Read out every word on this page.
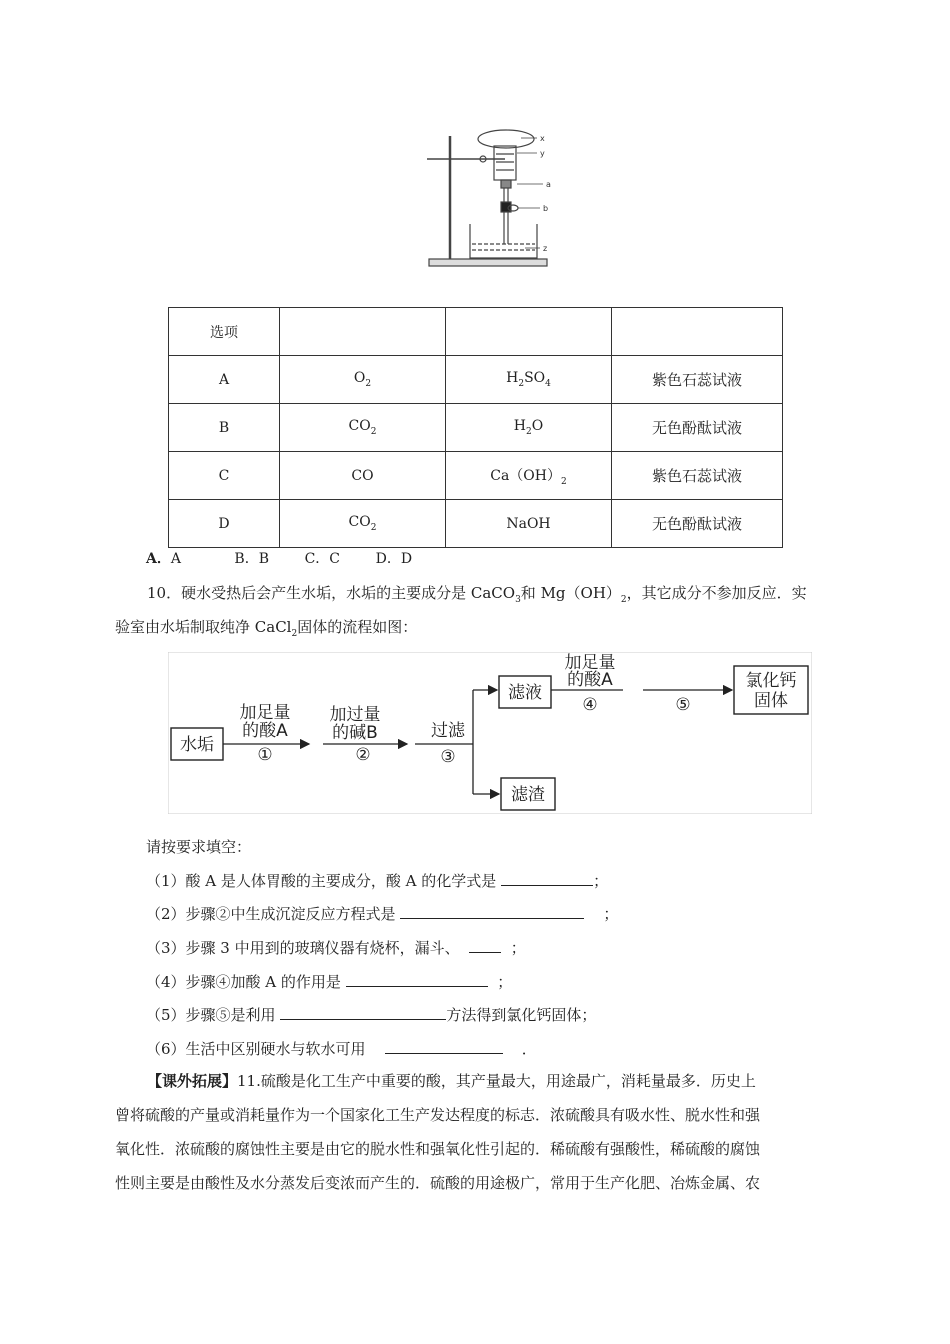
x
y
a
b
z
选项			
A	$O_2$	$H_2SO_4$	紫色石蕊试液
B	$CO_2$	$H_2O$	无色酚酞试液
C	CO	$Ca(OH)_2$	紫色石蕊试液
D	$CO_2$	NaOH	无色酚酞试液
A．A	B．B	C．C	D．D
10．硬水受热后会产生水垢，水垢的主要成分是 CaCO$_3$和 $Mg(OH)_2$，其它成分不参加反应．实
验室由水垢制取纯净 CaCl$_2$固体的流程如图：
水垢
加足量
的酸A
①
加过量
的碱B
②
过滤
③
滤液
滤渣
加足量
的酸A
④	⑤
氯化钙
固体
请按要求填空：
（1）酸 A 是人体胃酸的主要成分，酸 A 的化学式是	；
（2）步骤②中生成沉淀反应方程式是	；
（3）步骤 3 中用到的玻璃仪器有烧杯，漏斗、	；
（4）步骤④加酸 A 的作用是	；
（5）步骤⑤是利用	方法得到氯化钙固体；
（6）生活中区别硬水与软水可用	．
【课外拓展】11.硫酸是化工生产中重要的酸，其产量最大，用途最广，消耗量最多．历史上
曾将硫酸的产量或消耗量作为一个国家化工生产发达程度的标志．浓硫酸具有吸水性、脱水性和强
氧化性．浓硫酸的腐蚀性主要是由它的脱水性和强氧化性引起的．稀硫酸有强酸性，稀硫酸的腐蚀
性则主要是由酸性及水分蒸发后变浓而产生的．硫酸的用途极广，常用于生产化肥、冶炼金属、农
